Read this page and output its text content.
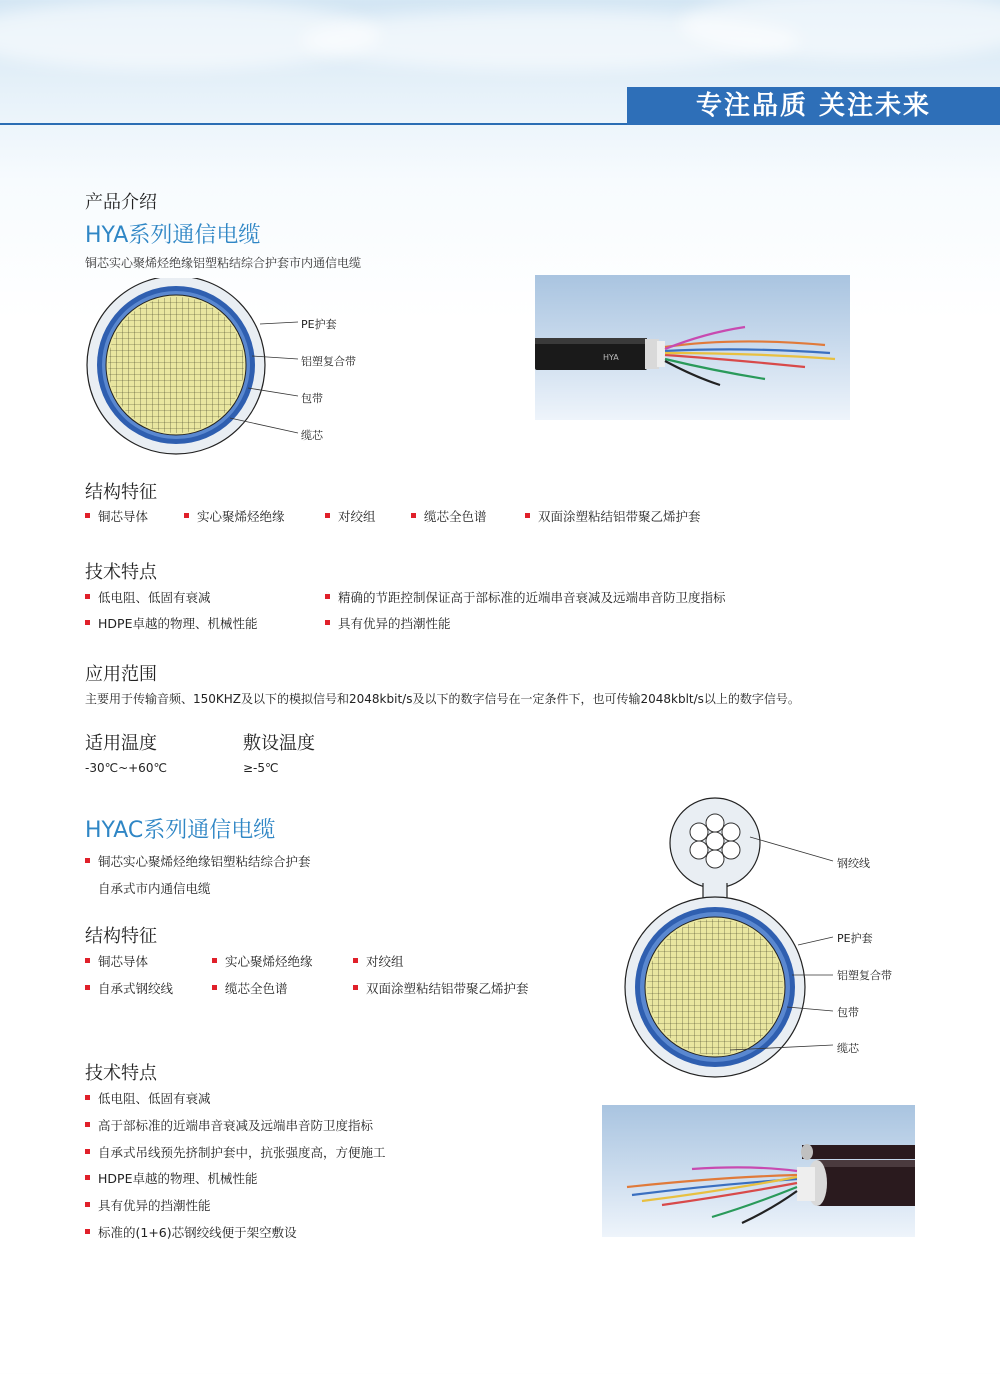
专注品质 关注未来
产品介绍
HYA系列通信电缆
铜芯实心聚烯烃绝缘铝塑粘结综合护套市内通信电缆
PE护套
铝塑复合带
包带
缆芯
HYA
结构特征
铜芯导体	实心聚烯烃绝缘	对绞组	缆芯全色谱	双面涂塑粘结铝带聚乙烯护套
技术特点
低电阻、低固有衰减	精确的节距控制保证高于部标准的近端串音衰减及远端串音防卫度指标
HDPE卓越的物理、机械性能	具有优异的挡潮性能
应用范围
主要用于传输音频、150KHZ及以下的模拟信号和2048kbit/s及以下的数字信号在一定条件下，也可传输2048kblt/s以上的数字信号。
适用温度
-30℃~+60℃
敷设温度
≥-5℃
HYAC系列通信电缆
铜芯实心聚烯烃绝缘铝塑粘结综合护套
自承式市内通信电缆
结构特征
铜芯导体	实心聚烯烃绝缘	对绞组
自承式钢绞线	缆芯全色谱	双面涂塑粘结铝带聚乙烯护套
技术特点
低电阻、低固有衰减
高于部标准的近端串音衰减及远端串音防卫度指标
自承式吊线预先挤制护套中，抗张强度高，方便施工
HDPE卓越的物理、机械性能
具有优异的挡潮性能
标准的(1+6)芯钢绞线便于架空敷设
钢绞线
PE护套
铝塑复合带
包带
缆芯
